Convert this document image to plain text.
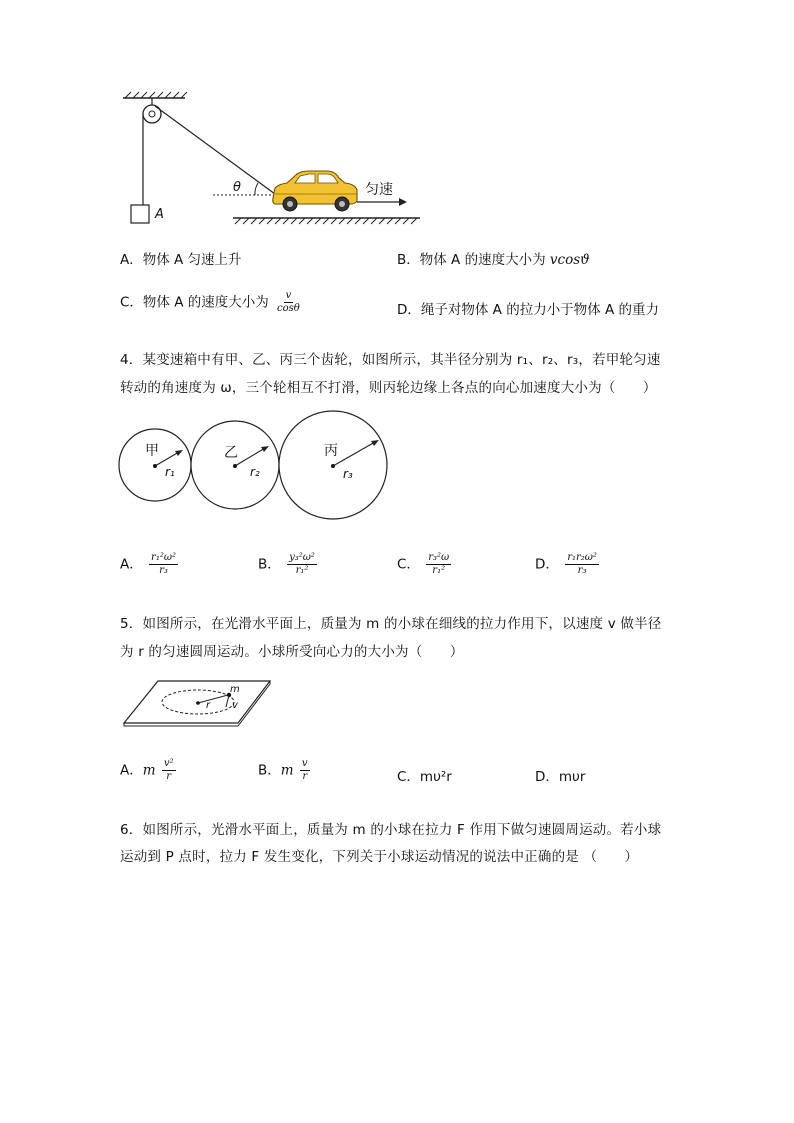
A
θ	匀速
A．物体 A 匀速上升	B．物体 A 的速度大小为 vcosϑ
C．物体 A 的速度大小为 $\frac{v}{\cos\theta}$	D．绳子对物体 A 的拉力小于物体 A 的重力
4．某变速箱中有甲、乙、丙三个齿轮，如图所示，其半径分别为 r₁、r₂、r₃，若甲轮匀速
转动的角速度为 ω，三个轮相互不打滑，则丙轮边缘上各点的向心加速度大小为（　　）
甲	乙	丙
r₁	r₂	r₃
A． $\frac{\text{r₁²ω²}}{\text{r₃}}$	B． $\frac{\text{y₃²ω²}}{\text{r₁²}}$	C． $\frac{\text{r₃²ω}}{\text{r₁²}}$	D． $\frac{\text{r₁r₂ω²}}{\text{r₃}}$
5．如图所示，在光滑水平面上，质量为 m 的小球在细线的拉力作用下，以速度 v 做半径
为 r 的匀速圆周运动。小球所受向心力的大小为（　　）
m
r v
A．m $\frac{\text{v²}}{r}$	B．m $\frac{v}{r}$	C．mυ²r	D．mυr
6．如图所示，光滑水平面上，质量为 m 的小球在拉力 F 作用下做匀速圆周运动。若小球
运动到 P 点时，拉力 F 发生变化，下列关于小球运动情况的说法中正确的是 （　　）
